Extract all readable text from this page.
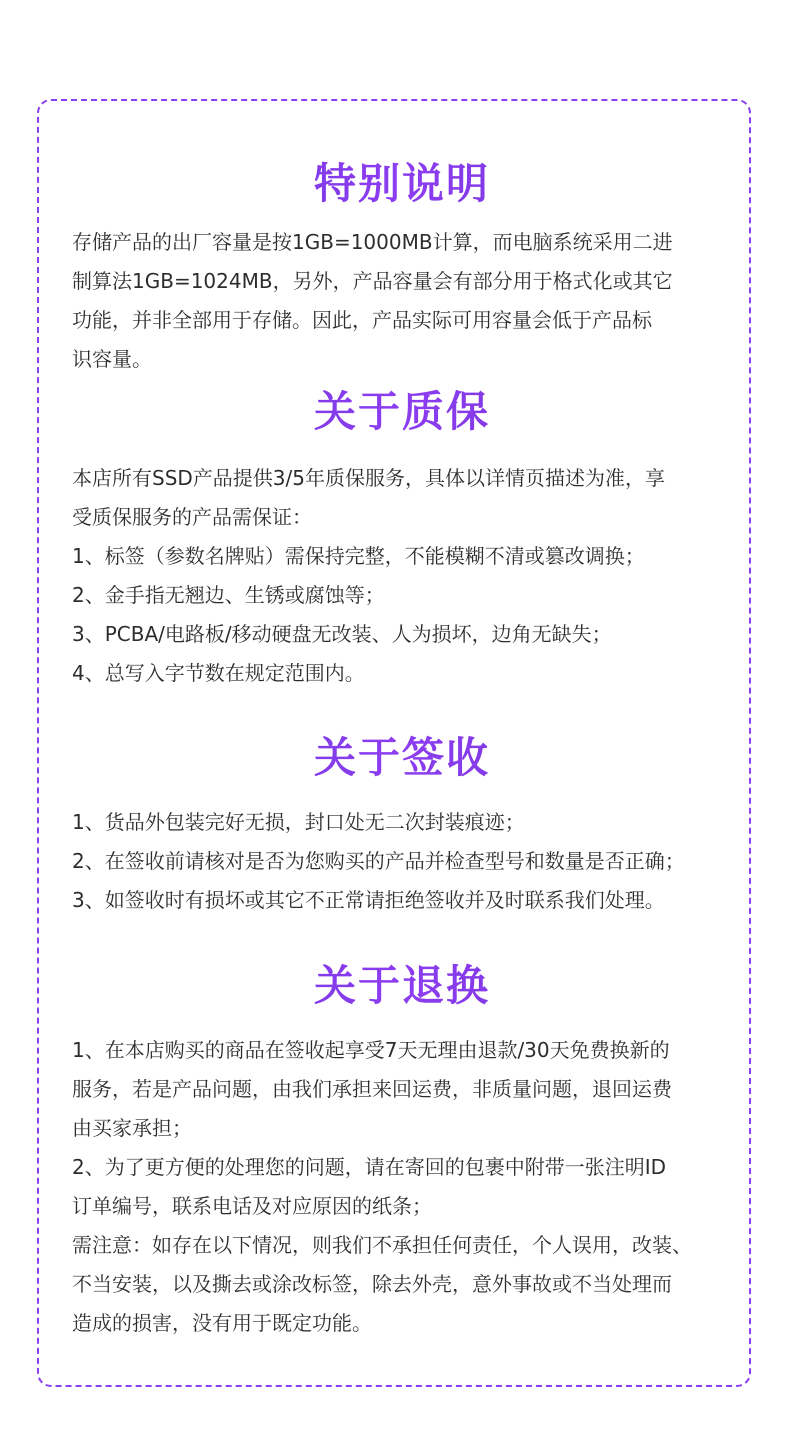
特别说明

存储产品的出厂容量是按1GB=1000MB计算，而电脑系统采用二进

制算法1GB=1024MB，另外，产品容量会有部分用于格式化或其它

功能，并非全部用于存储。因此，产品实际可用容量会低于产品标

识容量。

关于质保

本店所有SSD产品提供3/5年质保服务，具体以详情页描述为准，享

受质保服务的产品需保证：

1、标签（参数名牌贴）需保持完整，不能模糊不清或篡改调换；

2、金手指无翘边、生锈或腐蚀等；

3、PCBA/电路板/移动硬盘无改装、人为损坏，边角无缺失；

4、总写入字节数在规定范围内。

关于签收

1、货品外包装完好无损，封口处无二次封装痕迹；

2、在签收前请核对是否为您购买的产品并检查型号和数量是否正确；

3、如签收时有损坏或其它不正常请拒绝签收并及时联系我们处理。

关于退换

1、在本店购买的商品在签收起享受7天无理由退款/30天免费换新的

服务，若是产品问题，由我们承担来回运费，非质量问题，退回运费

由买家承担；

2、为了更方便的处理您的问题，请在寄回的包裹中附带一张注明ID

订单编号，联系电话及对应原因的纸条；

需注意：如存在以下情况，则我们不承担任何责任，个人误用，改装、

不当安装，以及撕去或涂改标签，除去外壳，意外事故或不当处理而

造成的损害，没有用于既定功能。
